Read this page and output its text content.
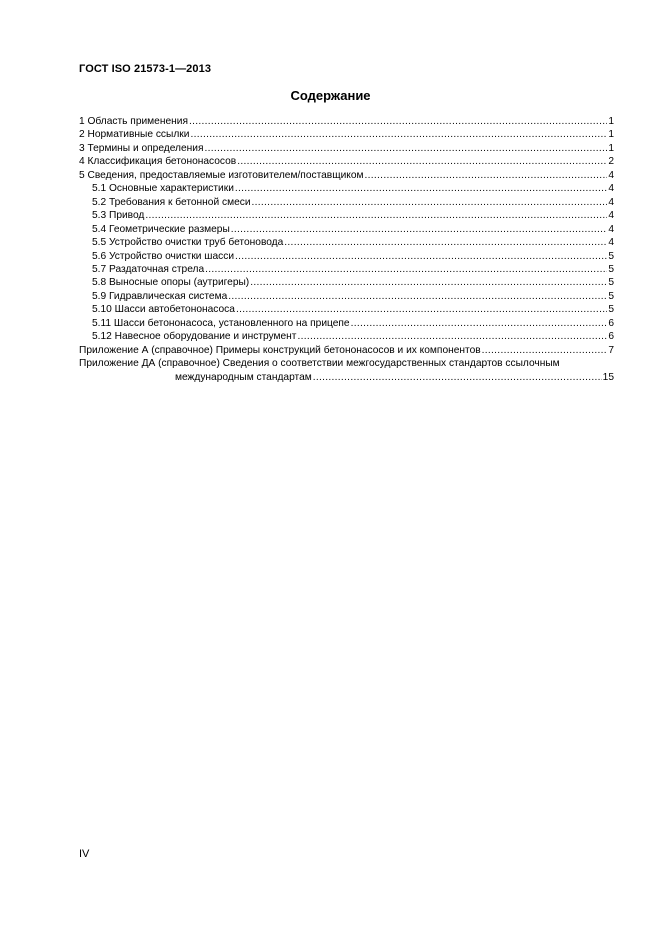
ГОСТ ISO 21573-1—2013
Содержание
1 Область применения .....	1
2 Нормативные ссылки .....	1
3 Термины и определения .....	1
4 Классификация бетононасосов .....	2
5 Сведения, предоставляемые изготовителем/поставщиком .....	4
5.1 Основные характеристики .....	4
5.2 Требования к бетонной смеси .....	4
5.3 Привод .....	4
5.4 Геометрические размеры .....	4
5.5 Устройство очистки труб бетоновода .....	4
5.6 Устройство очистки шасси .....	5
5.7 Раздаточная стрела .....	5
5.8 Выносные опоры (аутригеры) .....	5
5.9 Гидравлическая система .....	5
5.10 Шасси автобетононасоса .....	5
5.11 Шасси бетононасоса, установленного на прицепе .....	6
5.12 Навесное оборудование и инструмент .....	6
Приложение А (справочное) Примеры конструкций бетононасосов и их компонентов .....	7
Приложение ДА (справочное) Сведения о соответствии межгосударственных стандартов ссылочным
международным стандартам .....	15
IV
